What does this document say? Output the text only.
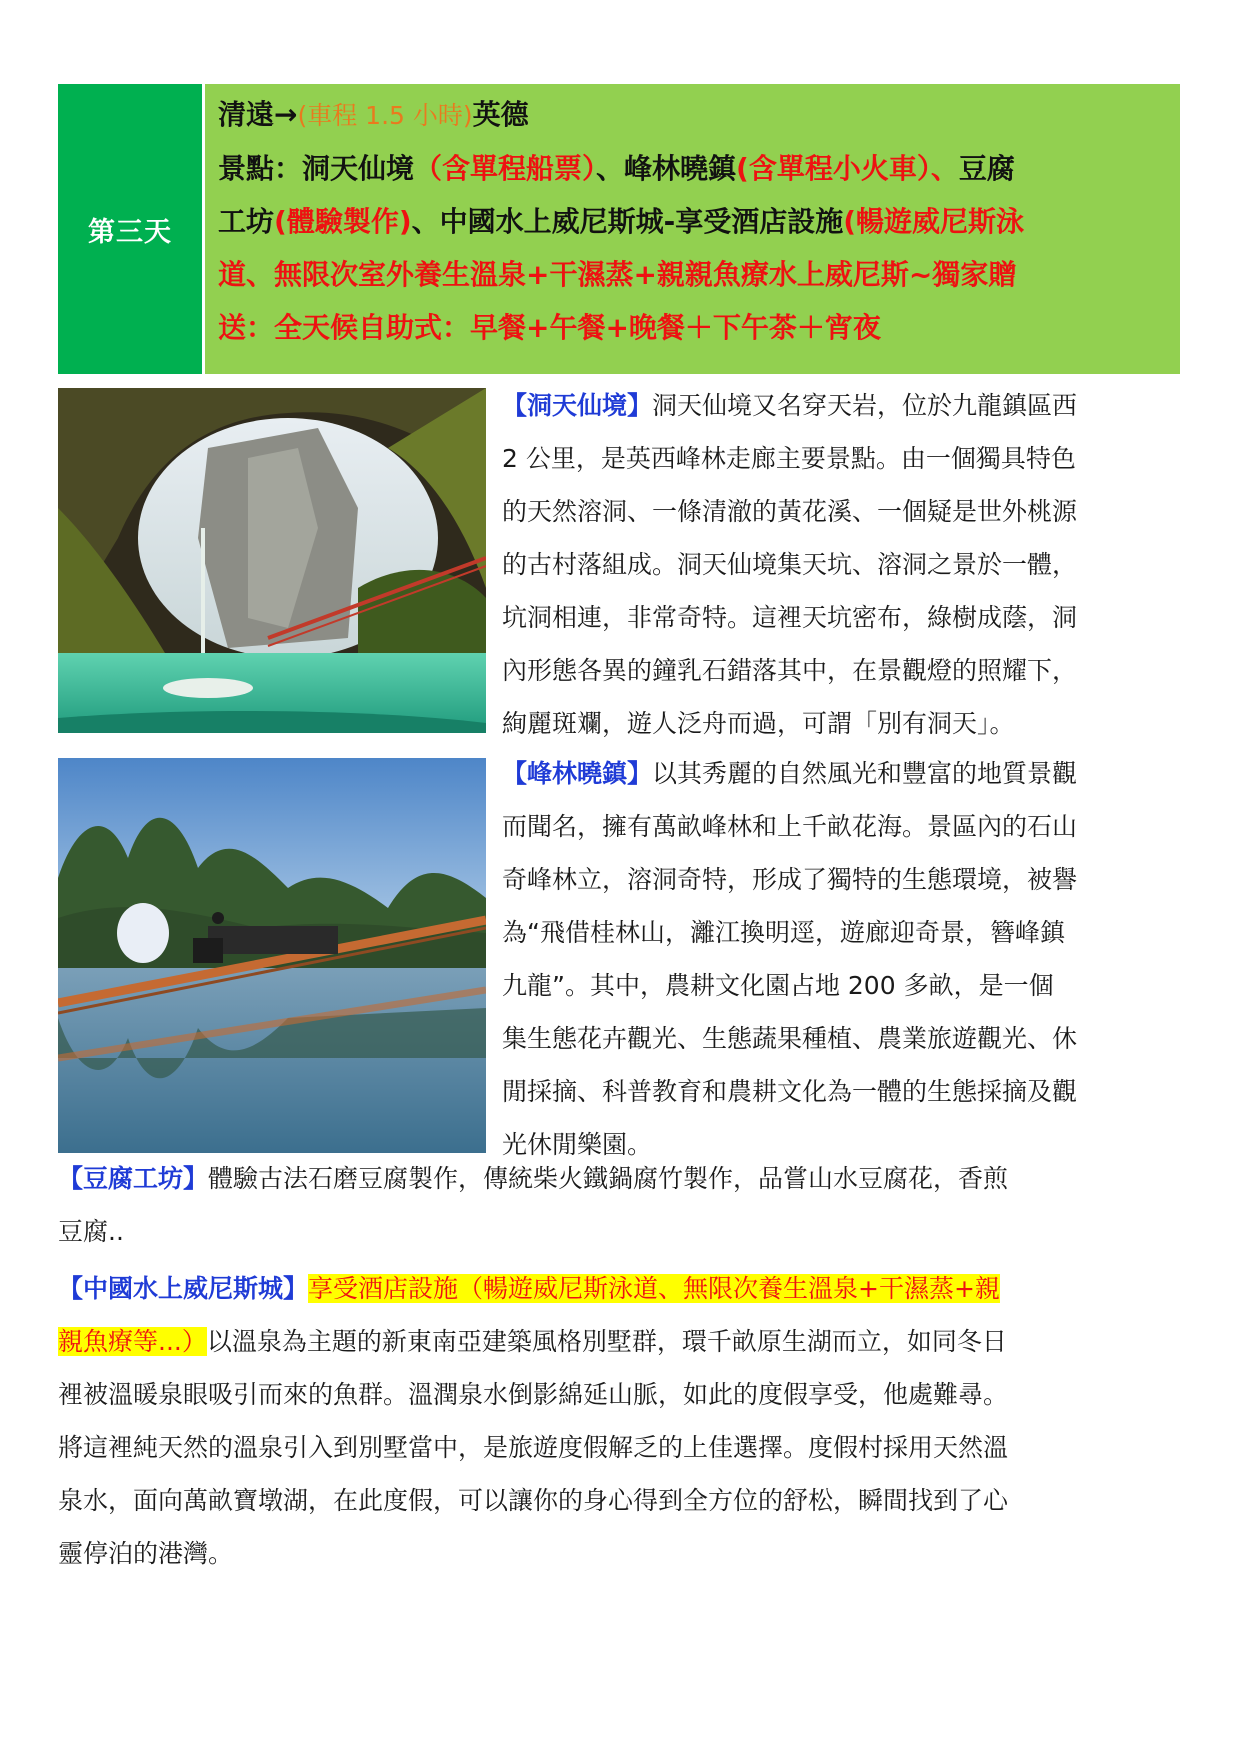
第三天
清遠→(車程 1.5 小時)英德
景點：洞天仙境（含單程船票）、峰林曉鎮(含單程小火車）、豆腐
工坊(體驗製作)、中國水上威尼斯城-享受酒店設施(暢遊威尼斯泳
道、無限次室外養生溫泉+干濕蒸+親親魚療水上威尼斯~獨家贈
送：全天候自助式：早餐+午餐+晚餐＋下午茶＋宵夜
【洞天仙境】洞天仙境又名穿天岩，位於九龍鎮區西
2 公里，是英西峰林走廊主要景點。由一個獨具特色
的天然溶洞、一條清澈的黃花溪、一個疑是世外桃源
的古村落組成。洞天仙境集天坑、溶洞之景於一體，
坑洞相連，非常奇特。這裡天坑密布，綠樹成蔭，洞
內形態各異的鐘乳石錯落其中，在景觀燈的照耀下，
絢麗斑斕，遊人泛舟而過，可謂「別有洞天」。
【峰林曉鎮】以其秀麗的自然風光和豐富的地質景觀
而聞名，擁有萬畝峰林和上千畝花海。景區內的石山
奇峰林立，溶洞奇特，形成了獨特的生態環境，被譽
為“飛借桂林山，灕江換明逕，遊廊迎奇景，簪峰鎮
九龍”。其中，農耕文化園占地 200 多畝，是一個
集生態花卉觀光、生態蔬果種植、農業旅遊觀光、休
閒採摘、科普教育和農耕文化為一體的生態採摘及觀
光休閒樂園。
【豆腐工坊】體驗古法石磨豆腐製作，傳統柴火鐵鍋腐竹製作，品嘗山水豆腐花，香煎
豆腐..
【中國水上威尼斯城】享受酒店設施（暢遊威尼斯泳道、無限次養生溫泉+干濕蒸+親
親魚療等...）以溫泉為主題的新東南亞建築風格別墅群，環千畝原生湖而立，如同冬日
裡被溫暖泉眼吸引而來的魚群。溫潤泉水倒影綿延山脈，如此的度假享受，他處難尋。
將這裡純天然的溫泉引入到別墅當中，是旅遊度假解乏的上佳選擇。度假村採用天然溫
泉水，面向萬畝寶墩湖，在此度假，可以讓你的身心得到全方位的舒松，瞬間找到了心
靈停泊的港灣。
